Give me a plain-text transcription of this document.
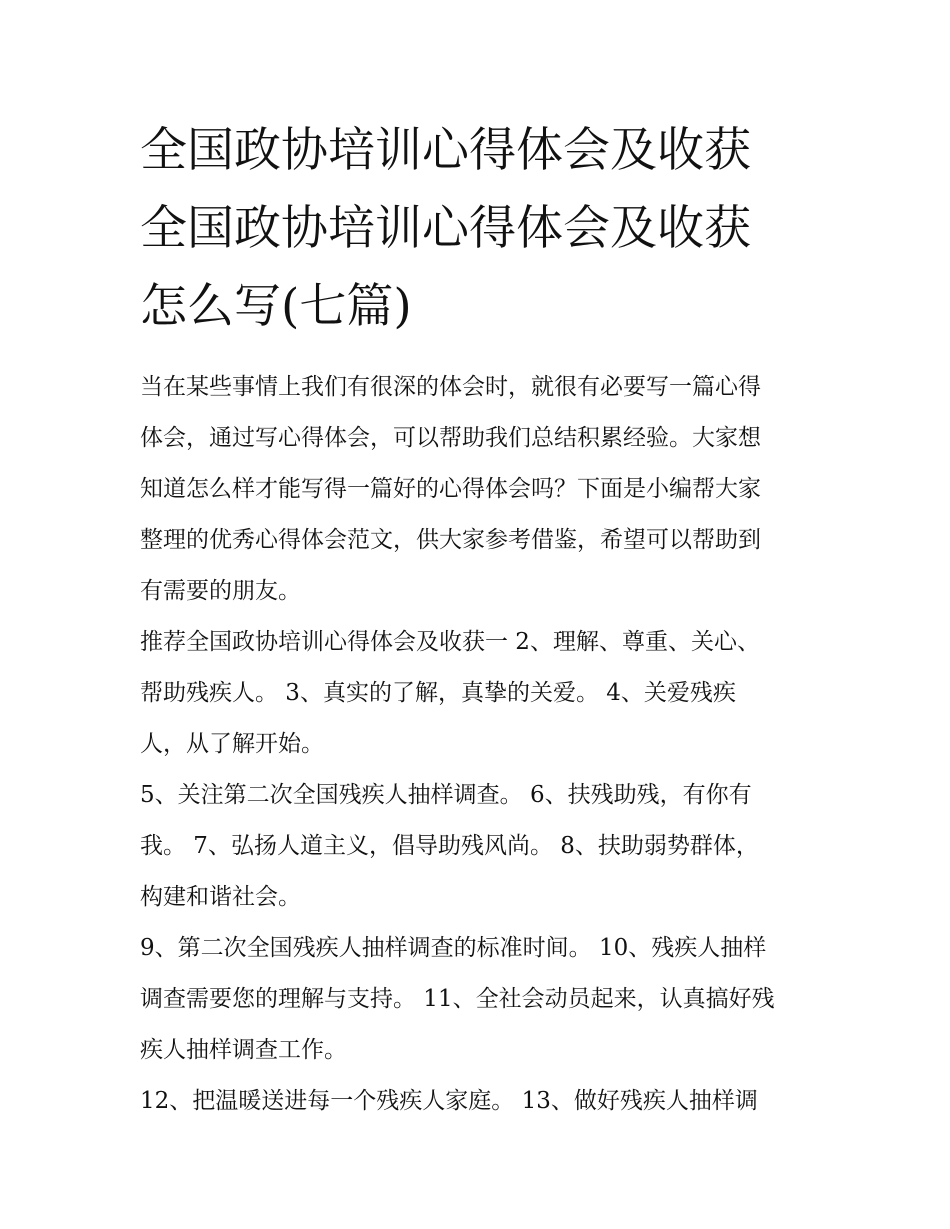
全国政协培训心得体会及收获
全国政协培训心得体会及收获
怎么写(七篇)

当在某些事情上我们有很深的体会时，就很有必要写一篇心得
体会，通过写心得体会，可以帮助我们总结积累经验。大家想
知道怎么样才能写得一篇好的心得体会吗？下面是小编帮大家
整理的优秀心得体会范文，供大家参考借鉴，希望可以帮助到
有需要的朋友。

推荐全国政协培训心得体会及收获一 2、理解、尊重、关心、
帮助残疾人。 3、真实的了解，真挚的关爱。 4、关爱残疾
人，从了解开始。

5、关注第二次全国残疾人抽样调查。 6、扶残助残，有你有
我。 7、弘扬人道主义，倡导助残风尚。 8、扶助弱势群体，
构建和谐社会。

9、第二次全国残疾人抽样调查的标准时间。 10、残疾人抽样
调查需要您的理解与支持。 11、全社会动员起来，认真搞好残
疾人抽样调查工作。

12、把温暖送进每一个残疾人家庭。 13、做好残疾人抽样调
